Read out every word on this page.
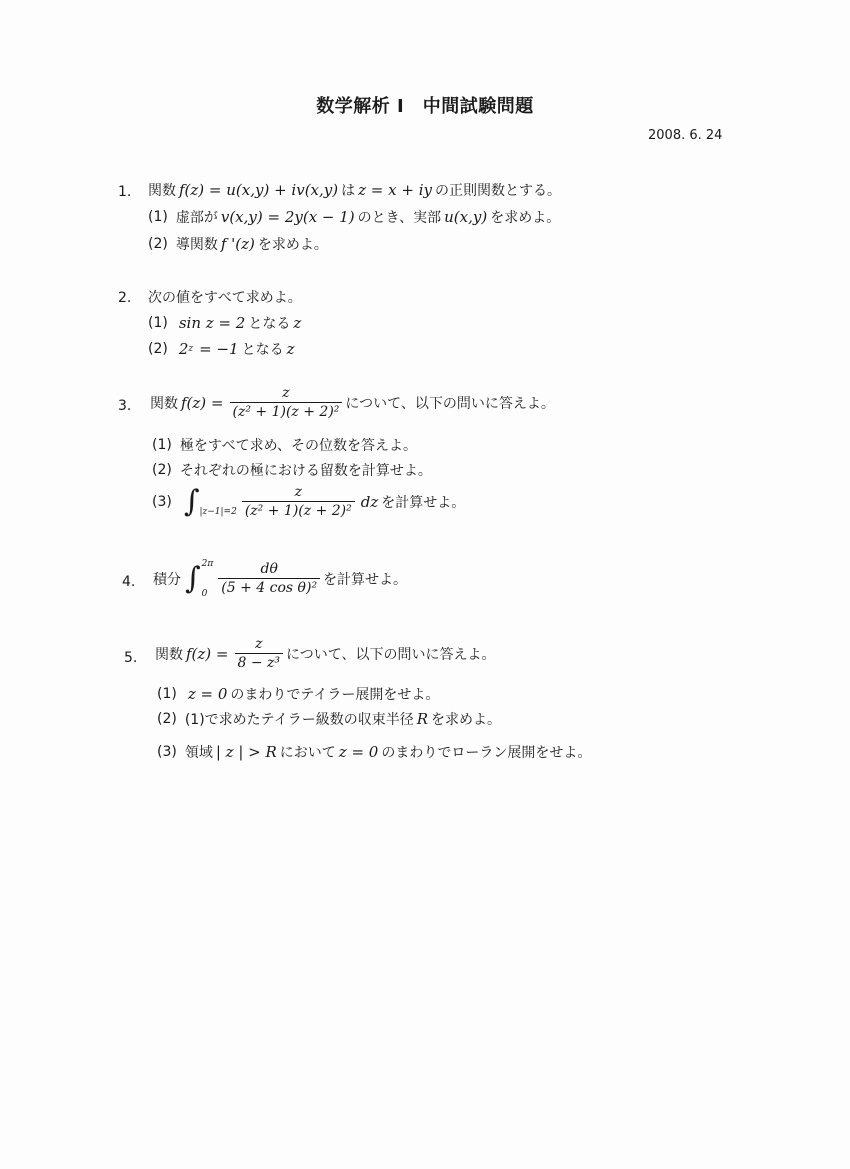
数学解析 I　中間試験問題
2008. 6. 24
1. 関数 f(z) = u(x,y) + iv(x,y) は z = x + iy の正則関数とする。
(1) 虚部が v(x,y) = 2y(x − 1) のとき、実部 u(x,y) を求めよ。
(2) 導関数 f '(z) を求めよ。
2. 次の値をすべて求めよ。
(1) sin z = 2 となる z
(2) 2 z = −1 となる z
3. 関数 $f(z) = \frac{z}{\text{(z² + 1)(z + 2)²}}$ について、以下の問いに答えよ。
(1) 極をすべて求め、その位数を答えよ。
(2) それぞれの極における留数を計算せよ。
(3) ∫ $|z-1|=2 \frac{z}{\text{(z² + 1)(z + 2)²}}$ dz を計算せよ。
4. 積分 ∫ 2π
$0 \frac{d\theta}{\text{(5 + 4 cos θ)²}}$ を計算せよ。
5. 関数 $f(z) = \frac{z}{\text{8 − z³}}$ について、以下の問いに答えよ。
(1) z = 0 のまわりでテイラー展開をせよ。
(2) (1)で求めたテイラー級数の収束半径 R を求めよ。
(3) 領域 | z | > R において z = 0 のまわりでローラン展開をせよ。
